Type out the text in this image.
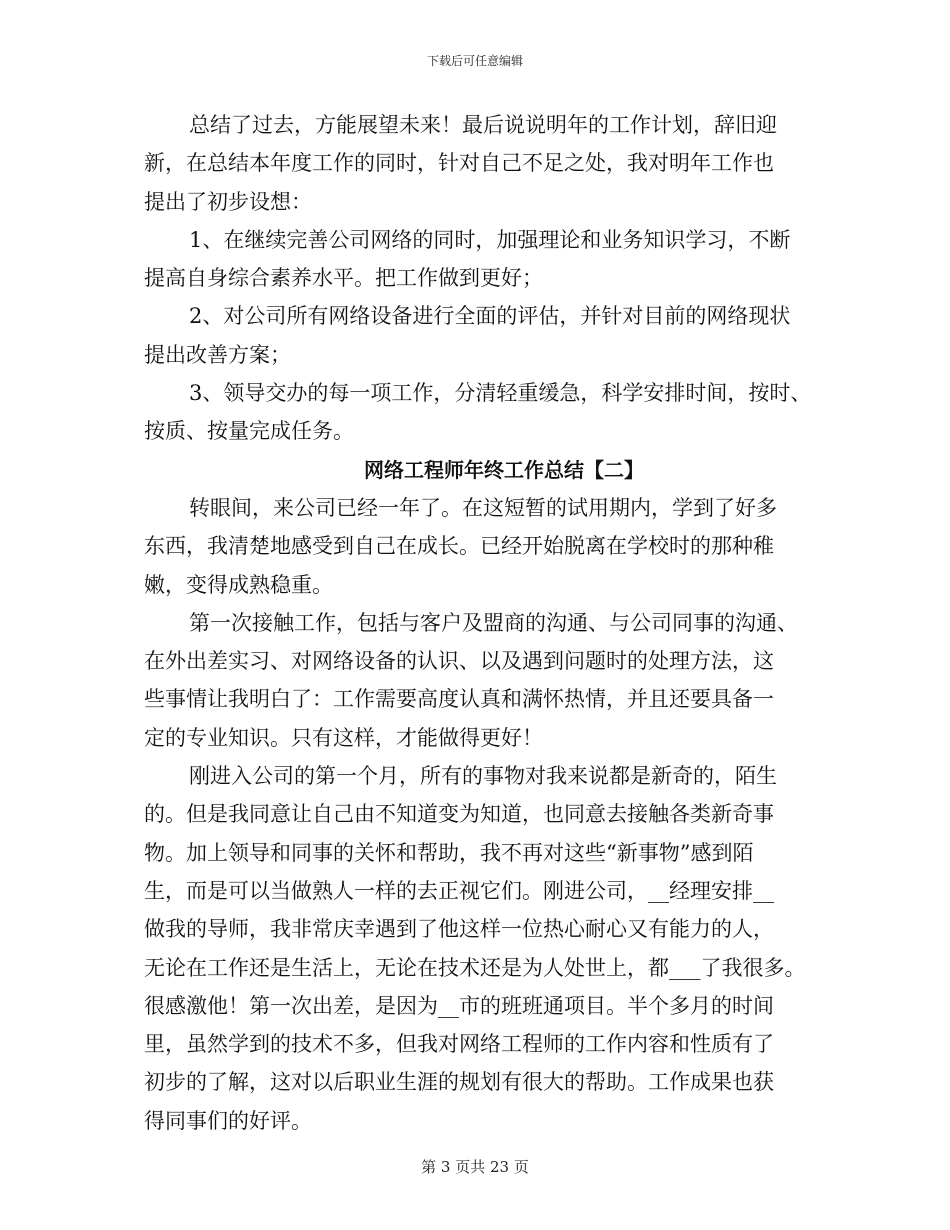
下载后可任意编辑
总结了过去，方能展望未来！最后说说明年的工作计划，辞旧迎
新，在总结本年度工作的同时，针对自己不足之处，我对明年工作也
提出了初步设想：
1、在继续完善公司网络的同时，加强理论和业务知识学习，不断
提高自身综合素养水平。把工作做到更好；
2、对公司所有网络设备进行全面的评估，并针对目前的网络现状
提出改善方案；
3、领导交办的每一项工作，分清轻重缓急，科学安排时间，按时、
按质、按量完成任务。
网络工程师年终工作总结【二】
转眼间，来公司已经一年了。在这短暂的试用期内，学到了好多
东西，我清楚地感受到自己在成长。已经开始脱离在学校时的那种稚
嫩，变得成熟稳重。
第一次接触工作，包括与客户及盟商的沟通、与公司同事的沟通、
在外出差实习、对网络设备的认识、以及遇到问题时的处理方法，这
些事情让我明白了：工作需要高度认真和满怀热情，并且还要具备一
定的专业知识。只有这样，才能做得更好！
刚进入公司的第一个月，所有的事物对我来说都是新奇的，陌生
的。但是我同意让自己由不知道变为知道，也同意去接触各类新奇事
物。加上领导和同事的关怀和帮助，我不再对这些“新事物”感到陌
生，而是可以当做熟人一样的去正视它们。刚进公司，__经理安排__
做我的导师，我非常庆幸遇到了他这样一位热心耐心又有能力的人，
无论在工作还是生活上，无论在技术还是为人处世上，都___了我很多。
很感激他！第一次出差，是因为__市的班班通项目。半个多月的时间
里，虽然学到的技术不多，但我对网络工程师的工作内容和性质有了
初步的了解，这对以后职业生涯的规划有很大的帮助。工作成果也获
得同事们的好评。
第 3 页共 23 页
